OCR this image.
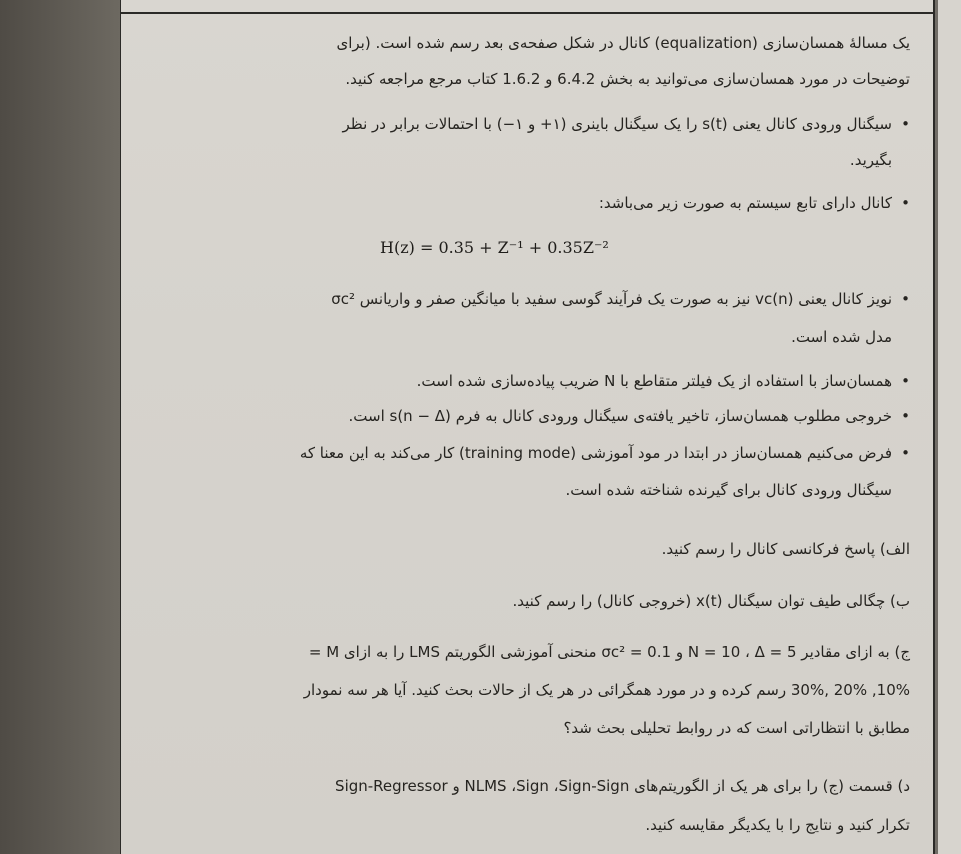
یک مسالهٔ همسان‌سازی (equalization) کانال در شکل صفحه‌ی بعد رسم شده است. (برای
توضیحات در مورد همسان‌سازی می‌توانید به بخش 6.4.2 و 1.6.2 کتاب مرجع مراجعه کنید.
• سیگنال ورودی کانال یعنی s(t) را یک سیگنال باینری (۱+ و ۱−) با احتمالات برابر در نظر
بگیرید.
• کانال دارای تابع سیستم به صورت زیر می‌باشد:
• نویز کانال یعنی vc(n) نیز به صورت یک فرآیند گوسی سفید با میانگین صفر و واریانس σc²
مدل شده است.
• همسان‌ساز با استفاده از یک فیلتر متقاطع با N ضریب پیاده‌سازی شده است.
• خروجی مطلوب همسان‌ساز، تاخیر یافته‌ی سیگنال ورودی کانال به فرم s(n − Δ) است.
• فرض می‌کنیم همسان‌ساز در ابتدا در مود آموزشی (training mode) کار می‌کند به این معنا که
سیگنال ورودی کانال برای گیرنده شناخته شده است.
الف) پاسخ فرکانسی کانال را رسم کنید.
ب) چگالی طیف توان سیگنال x(t) (خروجی کانال) را رسم کنید.
ج) به ازای مقادیر N = 10 ، Δ = 5 و σc² = 0.1 منحنی آموزشی الگوریتم LMS را به ازای M =
10%, 20% ,30% رسم کرده و در مورد همگرائی در هر یک از حالات بحث کنید. آیا هر سه نمودار
مطابق با انتظاراتی است که در روابط تحلیلی بحث شد؟
د) قسمت (ج) را برای هر یک از الگوریتم‌های NLMS ،Sign ،Sign-Sign و Sign-Regressor
تکرار کنید و نتایج را با یکدیگر مقایسه کنید.
H(z) = 0.35 + Z⁻¹ + 0.35Z⁻²
